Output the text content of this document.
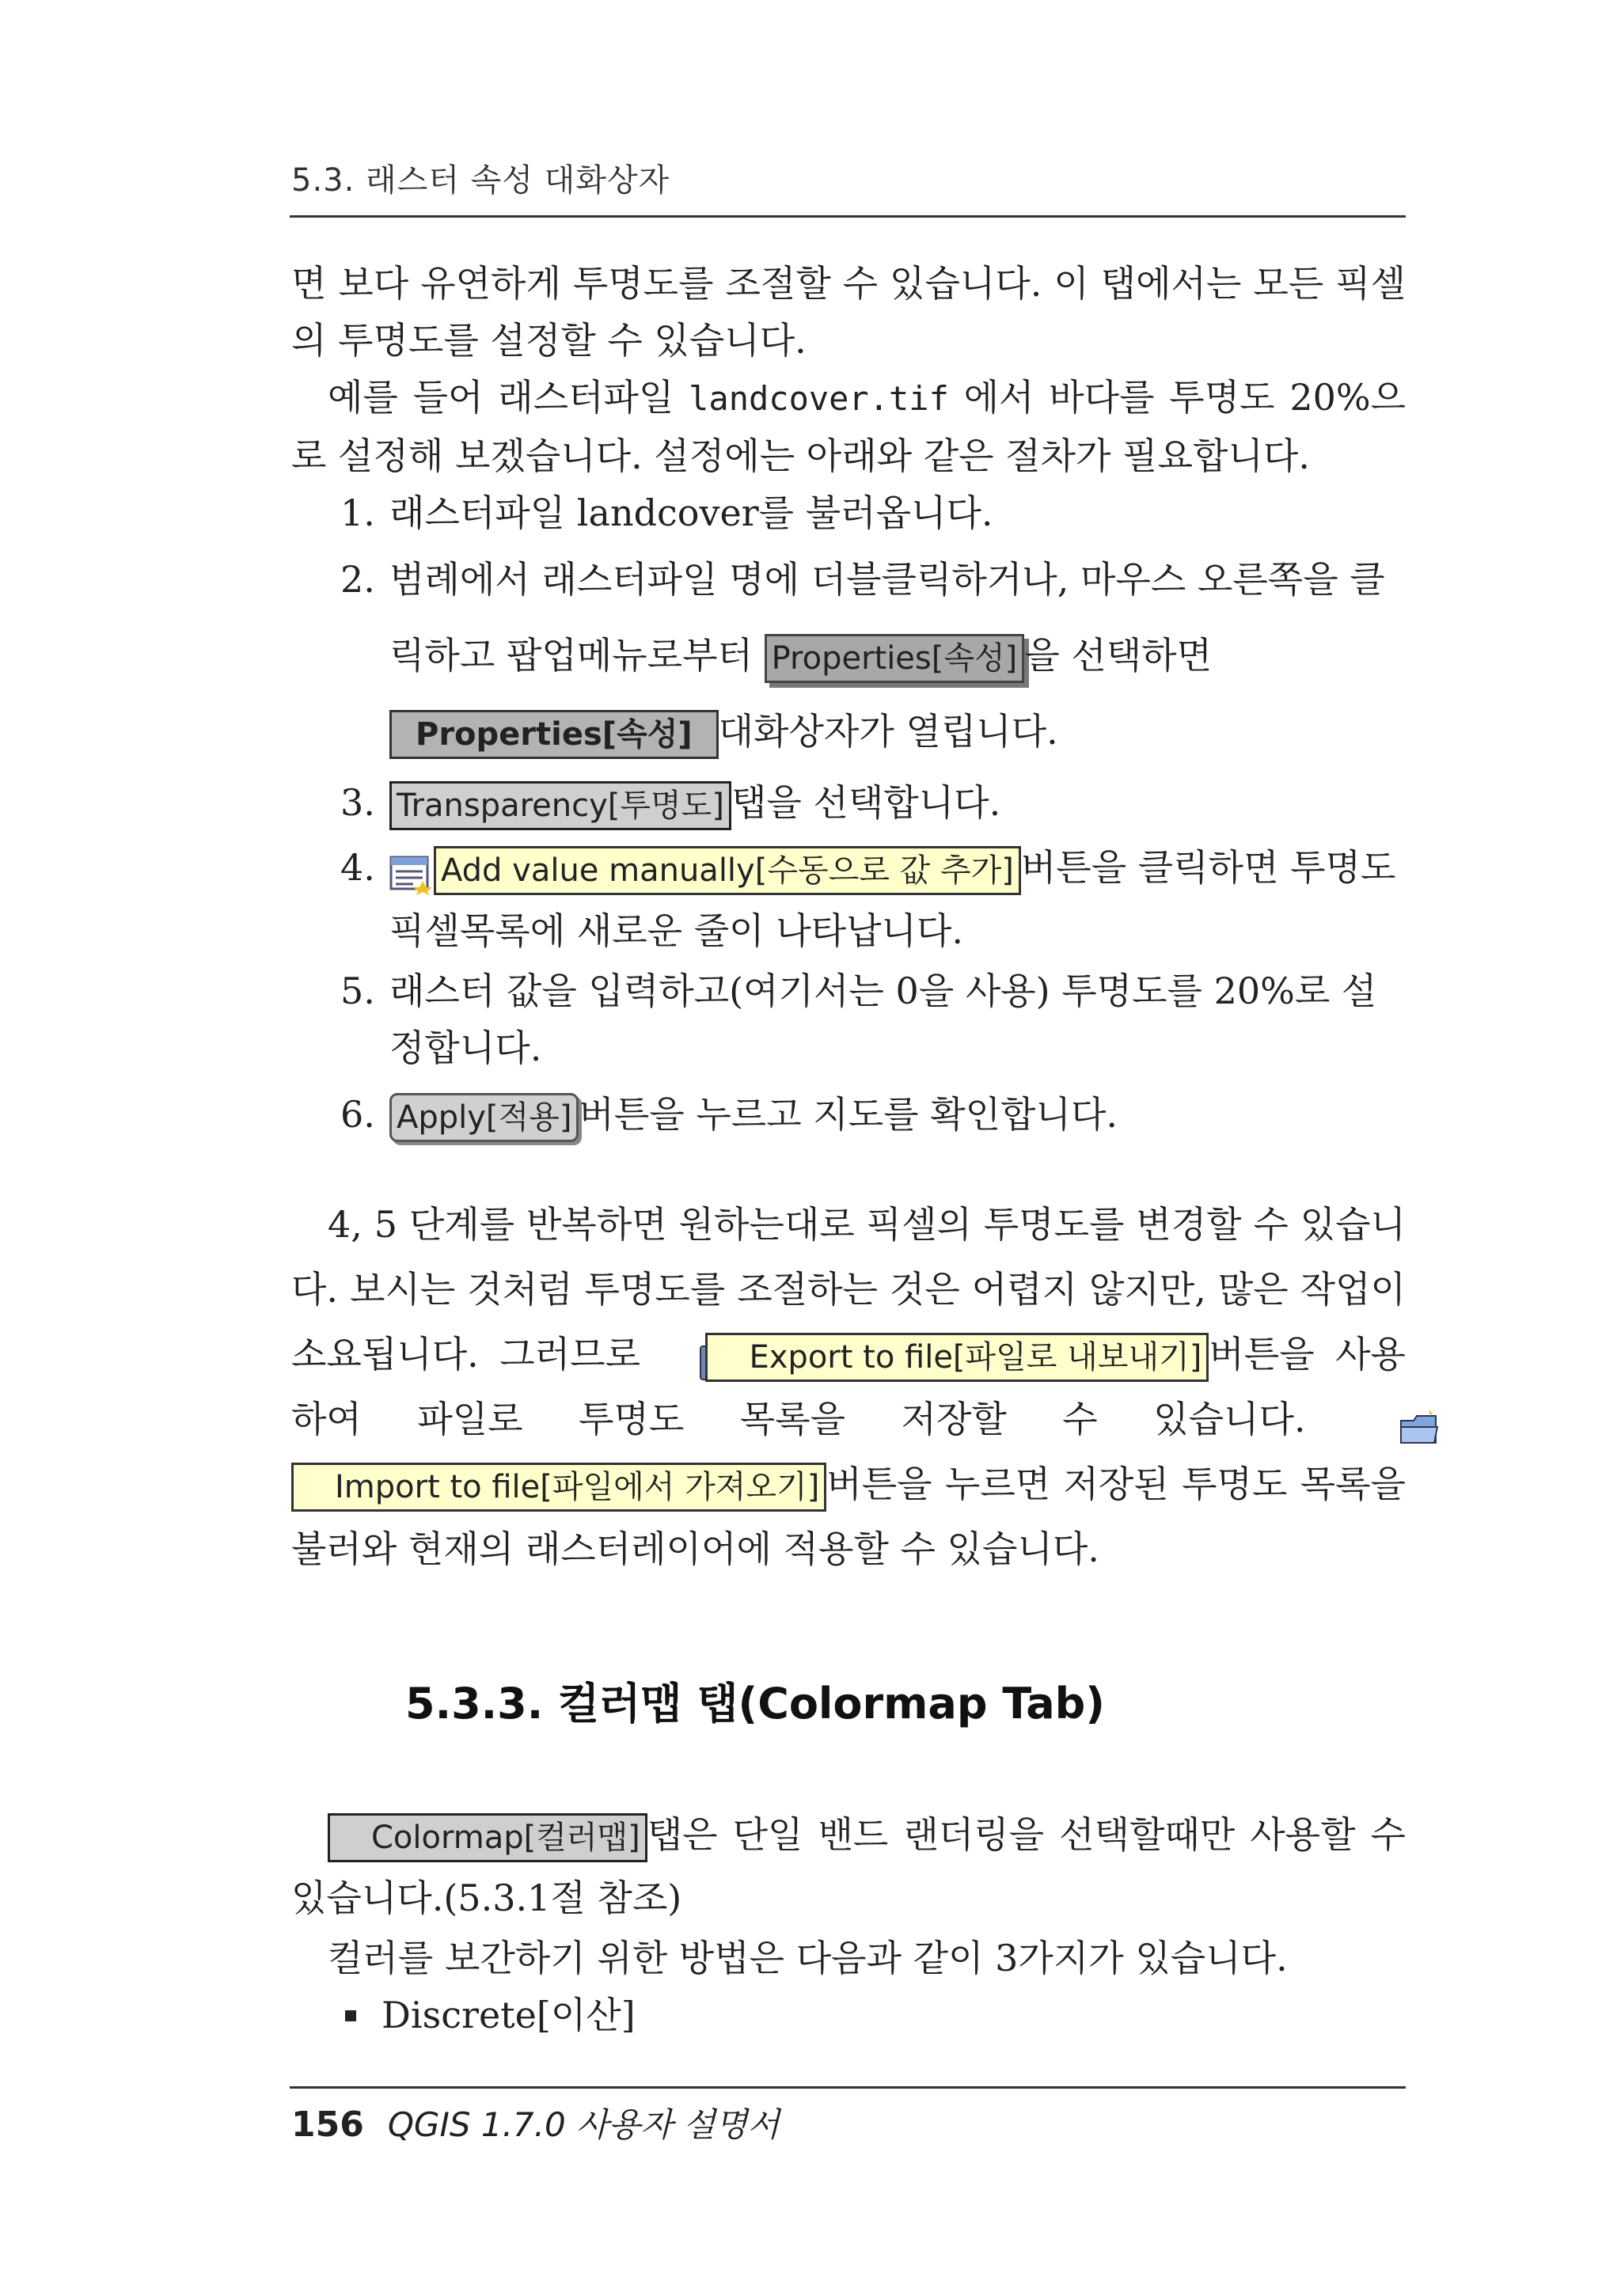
5.3. 래스터 속성 대화상자

면 보다 유연하게 투명도를 조절할 수 있습니다. 이 탭에서는 모든 픽셀의 투명도를 설정할 수 있습니다.

예를 들어 래스터파일 landcover.tif 에서 바다를 투명도 20%으로 설정해 보겠습니다. 설정에는 아래와 같은 절차가 필요합니다.

1. 래스터파일 landcover를 불러옵니다.
2. 범례에서 래스터파일 명에 더블클릭하거나, 마우스 오른쪽을 클릭하고 팝업메뉴로부터 Properties[속성] 을 선택하면 Properties[속성] 대화상자가 열립니다.
3. Transparency[투명도] 탭을 선택합니다.
4. Add value manually[수동으로 값 추가] 버튼을 클릭하면 투명도 픽셀목록에 새로운 줄이 나타납니다.
5. 래스터 값을 입력하고(여기서는 0을 사용) 투명도를 20%로 설정합니다.
6. Apply[적용] 버튼을 누르고 지도를 확인합니다.

4, 5 단계를 반복하면 원하는대로 픽셀의 투명도를 변경할 수 있습니다. 보시는 것처럼 투명도를 조절하는 것은 어렵지 않지만, 많은 작업이 소요됩니다. 그러므로	Export to file[파일로 내보내기] 버튼을 사용하여 파일로 투명도 목록을 저장할 수 있습니다. Import to file[파일에서 가져오기] 버튼을 누르면 저장된 투명도 목록을 불러와 현재의 래스터레이어에 적용할 수 있습니다.

5.3.3. 컬러맵 탭(Colormap Tab)

Colormap[컬러맵] 탭은 단일 밴드 랜더링을 선택할때만 사용할 수 있습니다.(5.3.1절 참조)

컬러를 보간하기 위한 방법은 다음과 같이 3가지가 있습니다.

Discrete[이산]
156 QGIS 1.7.0 사용자 설명서
